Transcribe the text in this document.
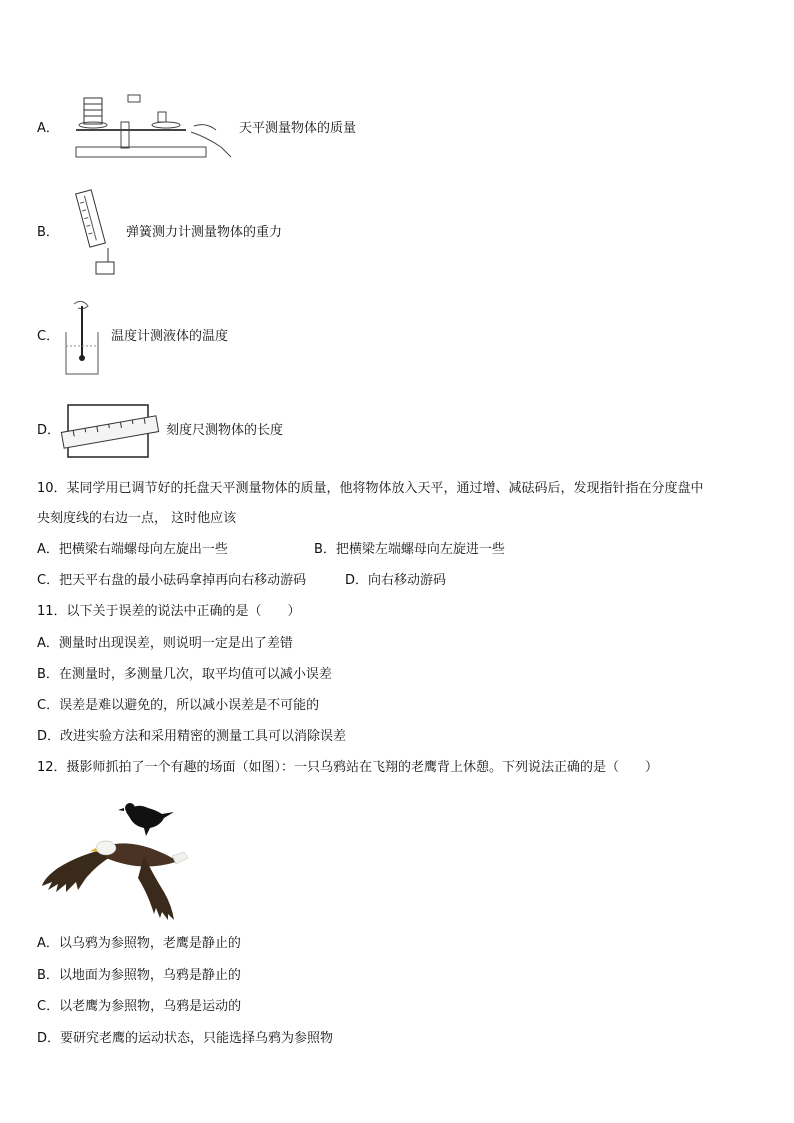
A．	天平测量物体的质量
B．	弹簧测力计测量物体的重力
C．	温度计测液体的温度
D．	刻度尺测物体的长度
10．某同学用已调节好的托盘天平测量物体的质量，他将物体放入天平，通过增、减砝码后，发现指针指在分度盘中
央刻度线的右边一点， 这时他应该
A．把横梁右端螺母向左旋出一些	B．把横梁左端螺母向左旋进一些
C．把天平右盘的最小砝码拿掉再向右移动游码	D．向右移动游码
11．以下关于误差的说法中正确的是（　　）
A．测量时出现误差，则说明一定是出了差错
B．在测量时，多测量几次，取平均值可以减小误差
C．误差是难以避免的，所以减小误差是不可能的
D．改进实验方法和采用精密的测量工具可以消除误差
12．摄影师抓拍了一个有趣的场面（如图）：一只乌鸦站在飞翔的老鹰背上休憩。下列说法正确的是（　　）
A．以乌鸦为参照物，老鹰是静止的
B．以地面为参照物，乌鸦是静止的
C．以老鹰为参照物，乌鸦是运动的
D．要研究老鹰的运动状态，只能选择乌鸦为参照物
